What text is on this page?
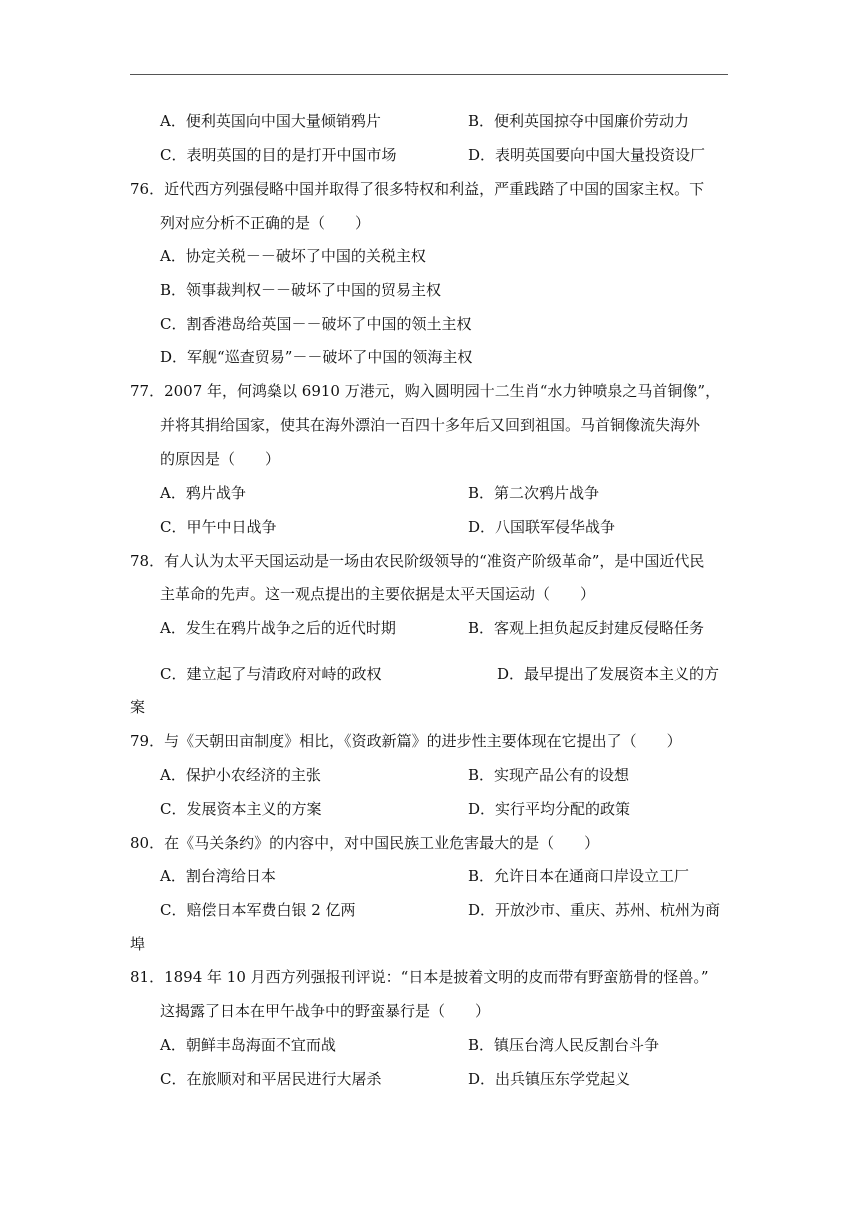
A．便利英国向中国大量倾销鸦片	B．便利英国掠夺中国廉价劳动力
C．表明英国的目的是打开中国市场	D．表明英国要向中国大量投资设厂
76．近代西方列强侵略中国并取得了很多特权和利益，严重践踏了中国的国家主权。下
列对应分析不正确的是（　　）
A．协定关税－－破坏了中国的关税主权
B．领事裁判权－－破坏了中国的贸易主权
C．割香港岛给英国－－破坏了中国的领土主权
D．军舰“巡查贸易”－－破坏了中国的领海主权
77．2007 年，何鸿燊以 6910 万港元，购入圆明园十二生肖“水力钟喷泉之马首铜像”，
并将其捐给国家，使其在海外漂泊一百四十多年后又回到祖国。马首铜像流失海外
的原因是（　　）
A．鸦片战争	B．第二次鸦片战争
C．甲午中日战争	D．八国联军侵华战争
78．有人认为太平天国运动是一场由农民阶级领导的“准资产阶级革命”，是中国近代民
主革命的先声。这一观点提出的主要依据是太平天国运动（　　）
A．发生在鸦片战争之后的近代时期	B．客观上担负起反封建反侵略任务
C．建立起了与清政府对峙的政权	D．最早提出了发展资本主义的方
案
79．与《天朝田亩制度》相比，《资政新篇》的进步性主要体现在它提出了（　　）
A．保护小农经济的主张	B．实现产品公有的设想
C．发展资本主义的方案	D．实行平均分配的政策
80．在《马关条约》的内容中，对中国民族工业危害最大的是（　　）
A．割台湾给日本	B．允许日本在通商口岸设立工厂
C．赔偿日本军费白银 2 亿两	D．开放沙市、重庆、苏州、杭州为商
埠
81．1894 年 10 月西方列强报刊评说：“日本是披着文明的皮而带有野蛮筋骨的怪兽。”
这揭露了日本在甲午战争中的野蛮暴行是（　　）
A．朝鲜丰岛海面不宜而战	B．镇压台湾人民反割台斗争
C．在旅顺对和平居民进行大屠杀	D．出兵镇压东学党起义
